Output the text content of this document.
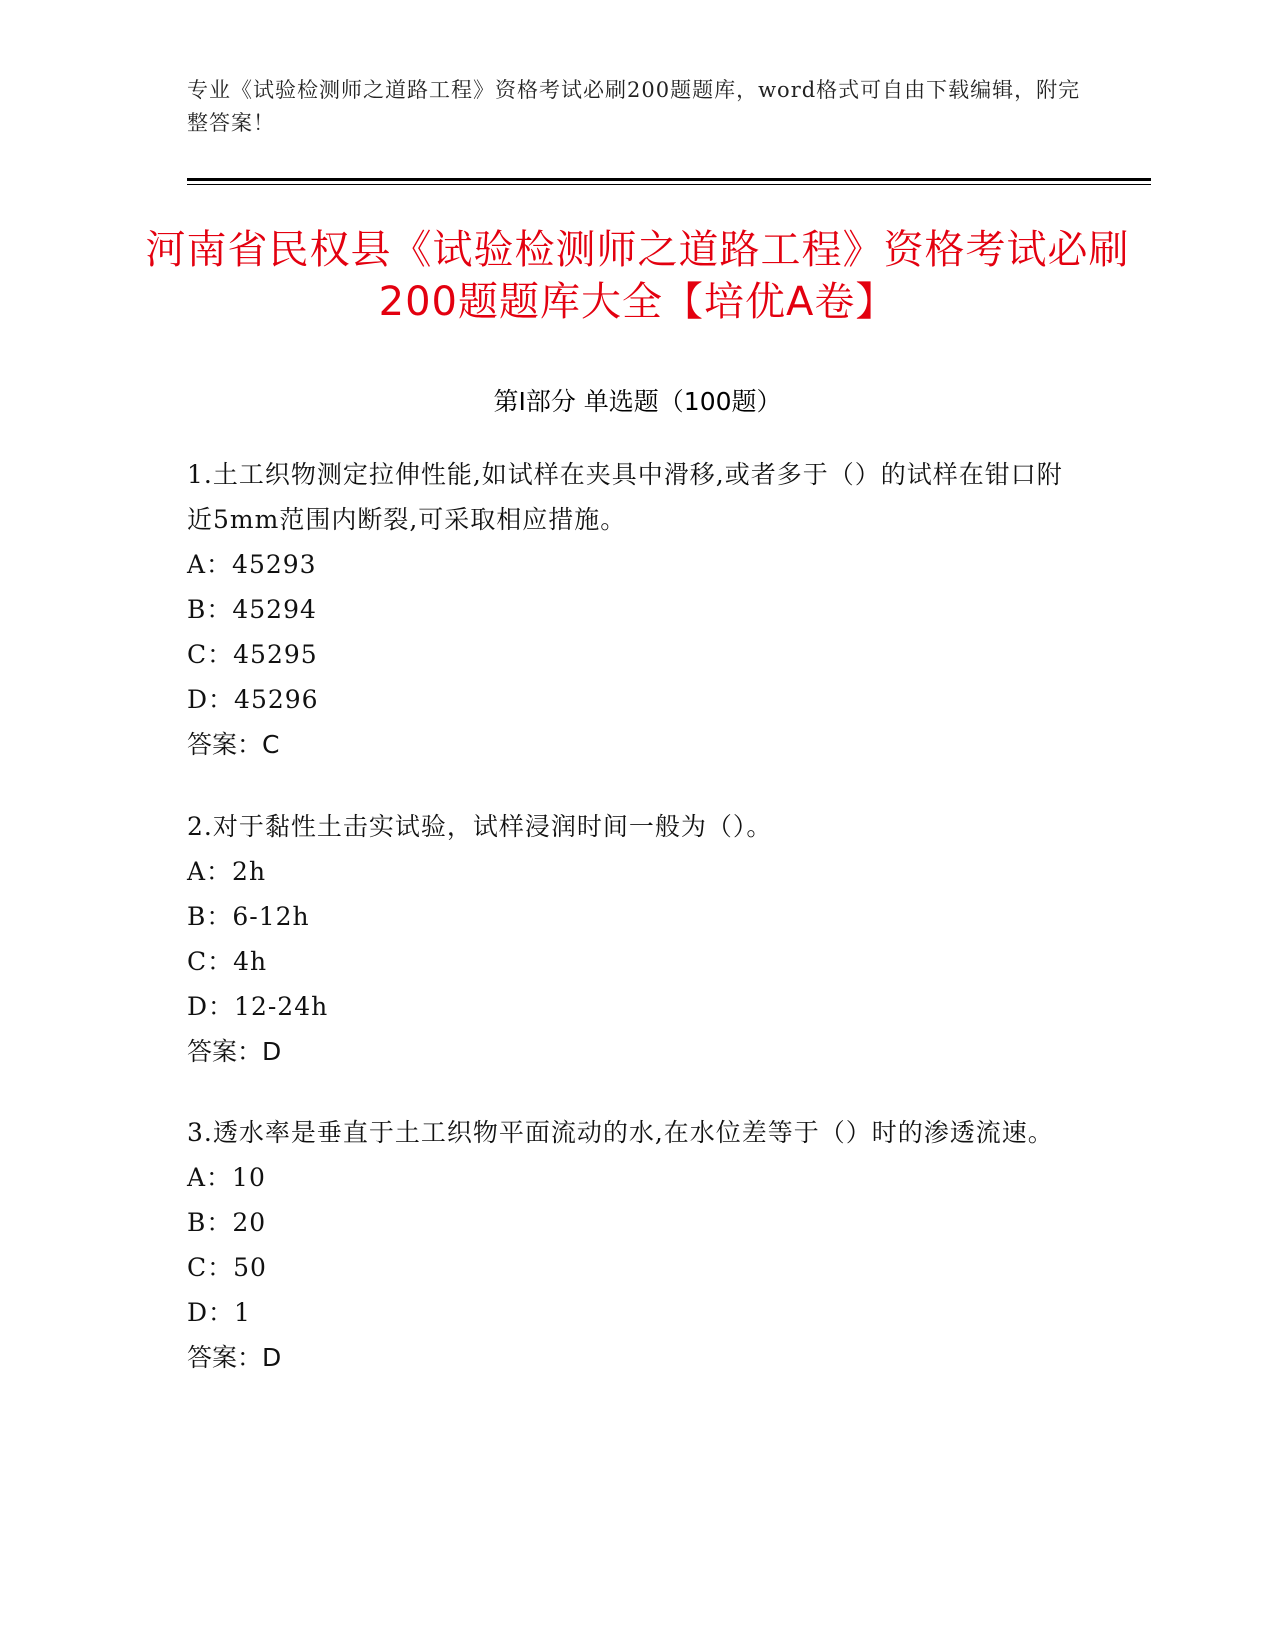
专业《试验检测师之道路工程》资格考试必刷200题题库，word格式可自由下载编辑，附完整答案！
河南省民权县《试验检测师之道路工程》资格考试必刷200题题库大全【培优A卷】
第I部分 单选题（100题）

1.土工织物测定拉伸性能,如试样在夹具中滑移,或者多于（）的试样在钳口附近5mm范围内断裂,可采取相应措施。

A：45293

B：45294

C：45295

D：45296

答案：C

2.对于黏性土击实试验，试样浸润时间一般为（）。

A：2h

B：6-12h

C：4h

D：12-24h

答案：D

3.透水率是垂直于土工织物平面流动的水,在水位差等于（）时的渗透流速。

A：10

B：20

C：50

D：1

答案：D
